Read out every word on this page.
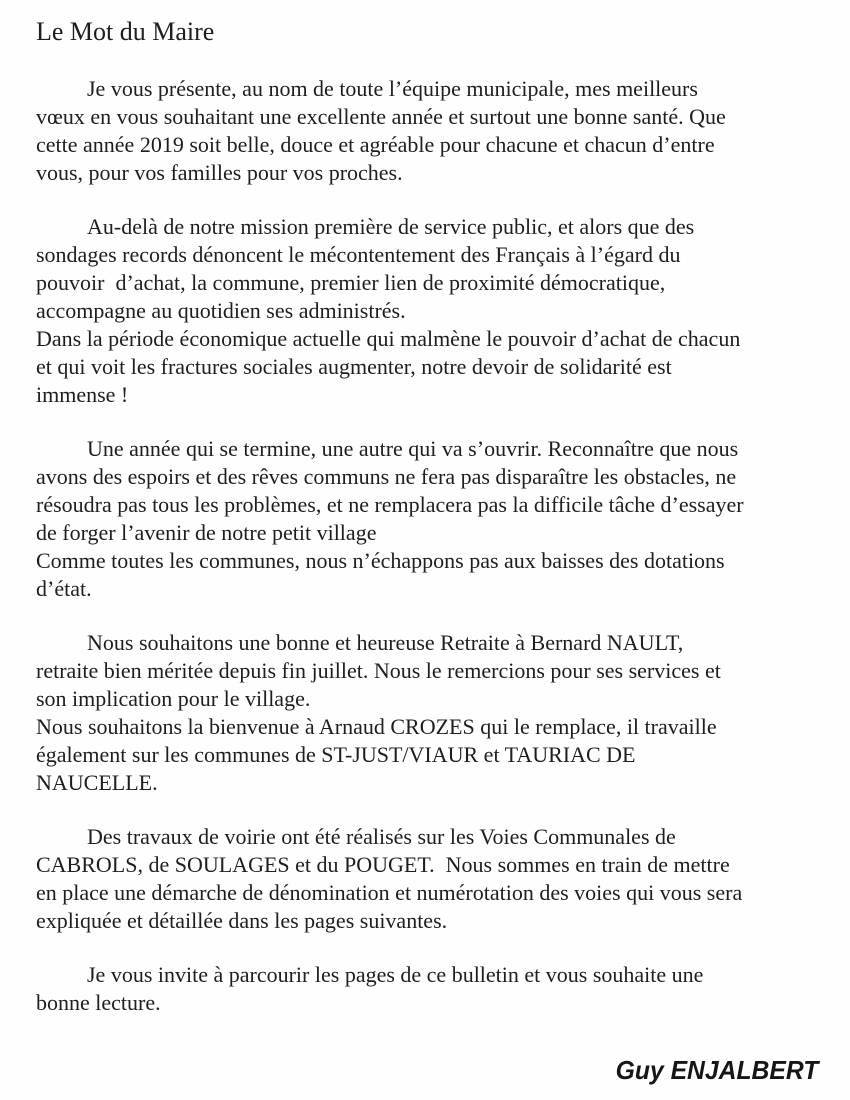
Le Mot du Maire

Je vous présente, au nom de toute l’équipe municipale, mes meilleurs
vœux en vous souhaitant une excellente année et surtout une bonne santé. Que
cette année 2019 soit belle, douce et agréable pour chacune et chacun d’entre
vous, pour vos familles pour vos proches.

Au-delà de notre mission première de service public, et alors que des
sondages records dénoncent le mécontentement des Français à l’égard du
pouvoir  d’achat, la commune, premier lien de proximité démocratique,
accompagne au quotidien ses administrés.
Dans la période économique actuelle qui malmène le pouvoir d’achat de chacun
et qui voit les fractures sociales augmenter, notre devoir de solidarité est
immense !

Une année qui se termine, une autre qui va s’ouvrir. Reconnaître que nous
avons des espoirs et des rêves communs ne fera pas disparaître les obstacles, ne
résoudra pas tous les problèmes, et ne remplacera pas la difficile tâche d’essayer
de forger l’avenir de notre petit village
Comme toutes les communes, nous n’échappons pas aux baisses des dotations
d’état.

Nous souhaitons une bonne et heureuse Retraite à Bernard NAULT,
retraite bien méritée depuis fin juillet. Nous le remercions pour ses services et
son implication pour le village.
Nous souhaitons la bienvenue à Arnaud CROZES qui le remplace, il travaille
également sur les communes de ST-JUST/VIAUR et TAURIAC DE
NAUCELLE.

Des travaux de voirie ont été réalisés sur les Voies Communales de
CABROLS, de SOULAGES et du POUGET.  Nous sommes en train de mettre
en place une démarche de dénomination et numérotation des voies qui vous sera
expliquée et détaillée dans les pages suivantes.

Je vous invite à parcourir les pages de ce bulletin et vous souhaite une
bonne lecture.

Guy ENJALBERT
